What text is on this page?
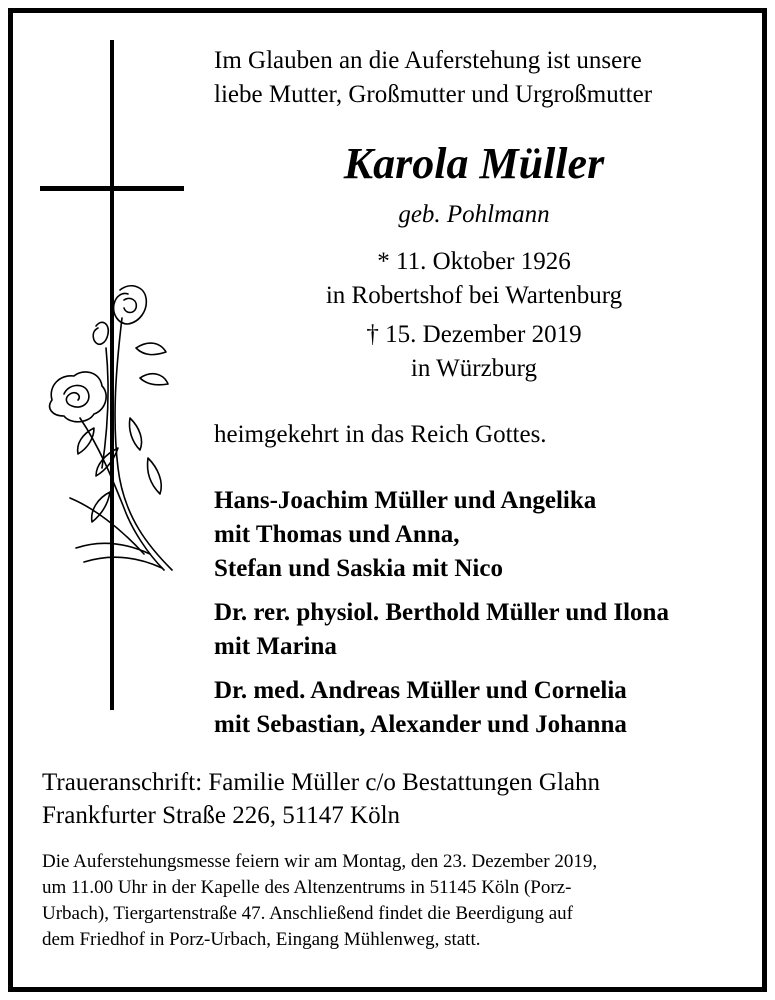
Im Glauben an die Auferstehung ist unsere
liebe Mutter, Großmutter und Urgroßmutter
Karola Müller
geb. Pohlmann
* 11. Oktober 1926
in Robertshof bei Wartenburg
† 15. Dezember 2019
in Würzburg
heimgekehrt in das Reich Gottes.
Hans-Joachim Müller und Angelika
mit Thomas und Anna,
Stefan und Saskia mit Nico
Dr. rer. physiol. Berthold Müller und Ilona
mit Marina
Dr. med. Andreas Müller und Cornelia
mit Sebastian, Alexander und Johanna
Traueranschrift: Familie Müller c/o Bestattungen Glahn
Frankfurter Straße 226, 51147 Köln
Die Auferstehungsmesse feiern wir am Montag, den 23. Dezember 2019,
um 11.00 Uhr in der Kapelle des Altenzentrums in 51145 Köln (Porz-
Urbach), Tiergartenstraße 47. Anschließend findet die Beerdigung auf
dem Friedhof in Porz-Urbach, Eingang Mühlenweg, statt.
